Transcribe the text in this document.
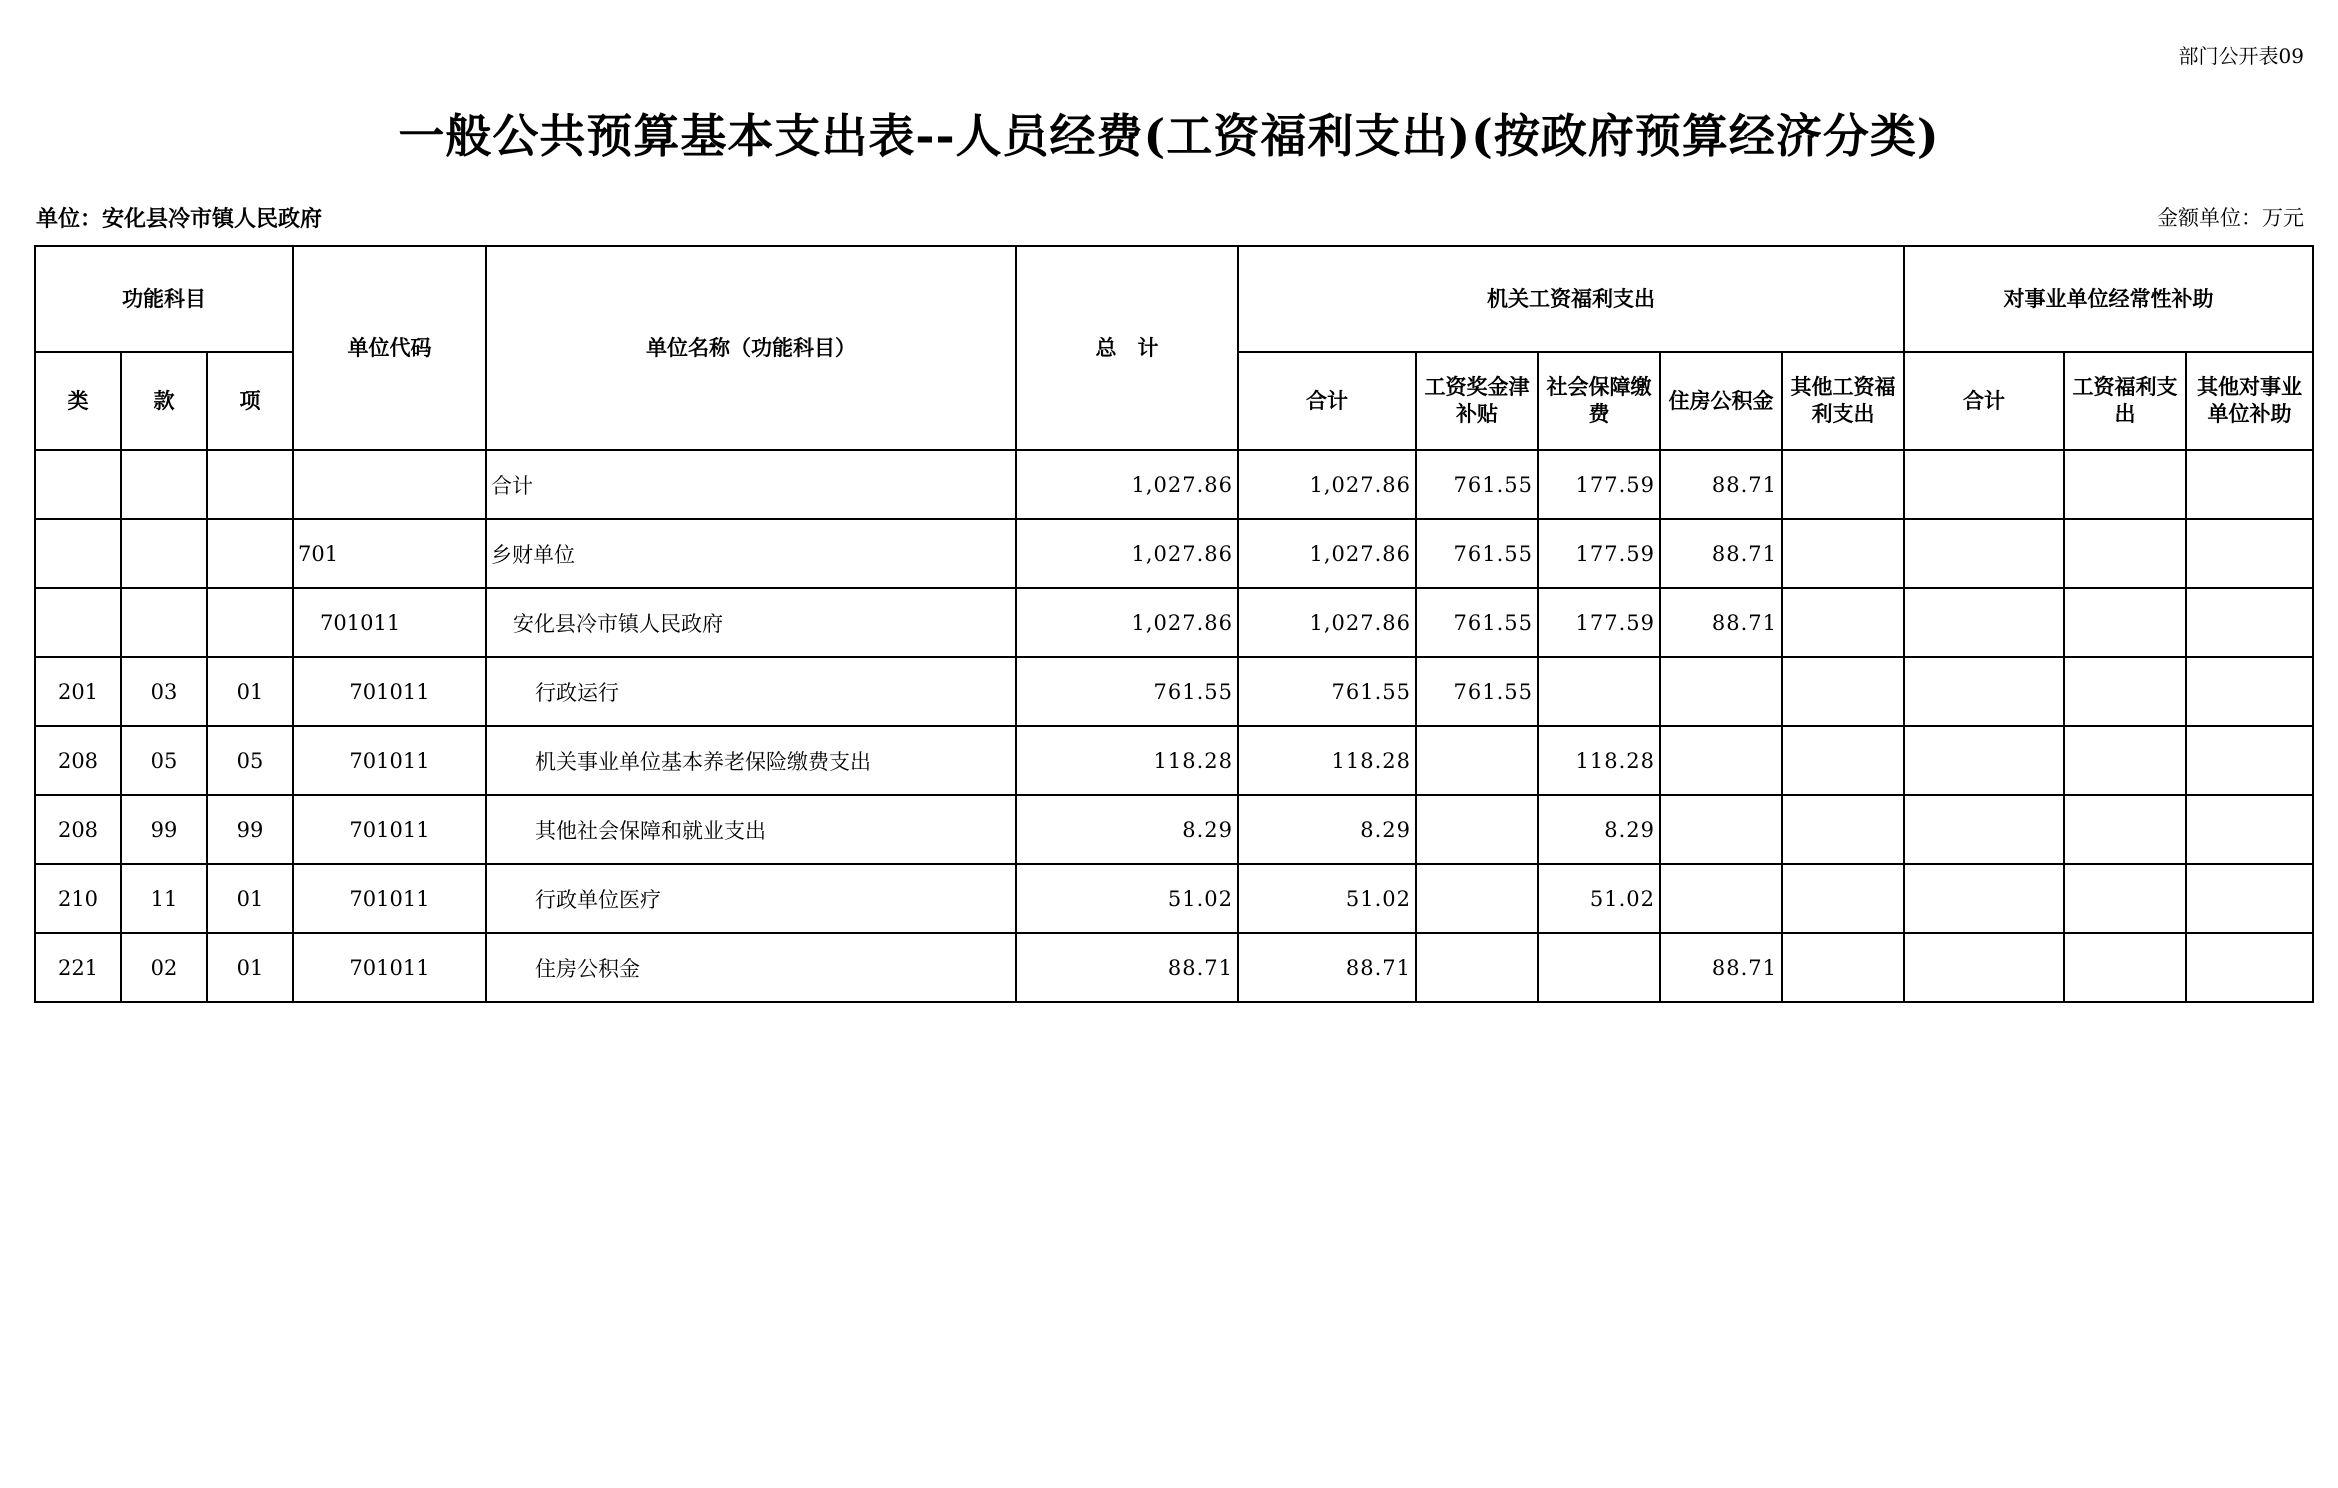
部门公开表09
一般公共预算基本支出表--人员经费(工资福利支出)(按政府预算经济分类)
单位：安化县冷市镇人民政府	金额单位：万元
功能科目			单位代码	单位名称（功能科目）	总　计	机关工资福利支出					对事业单位经常性补助		
类	款	项				合计	工资奖金津补贴	社会保障缴费	住房公积金	其他工资福利支出	合计	工资福利支出	其他对事业单位补助
				合计	1,027.86	1,027.86	761.55	177.59	88.71				
			701	乡财单位	1,027.86	1,027.86	761.55	177.59	88.71				
			701011	安化县冷市镇人民政府	1,027.86	1,027.86	761.55	177.59	88.71				
201	03	01	701011	行政运行	761.55	761.55	761.55						
208	05	05	701011	机关事业单位基本养老保险缴费支出	118.28	118.28		118.28					
208	99	99	701011	其他社会保障和就业支出	8.29	8.29		8.29					
210	11	01	701011	行政单位医疗	51.02	51.02		51.02					
221	02	01	701011	住房公积金	88.71	88.71			88.71				
